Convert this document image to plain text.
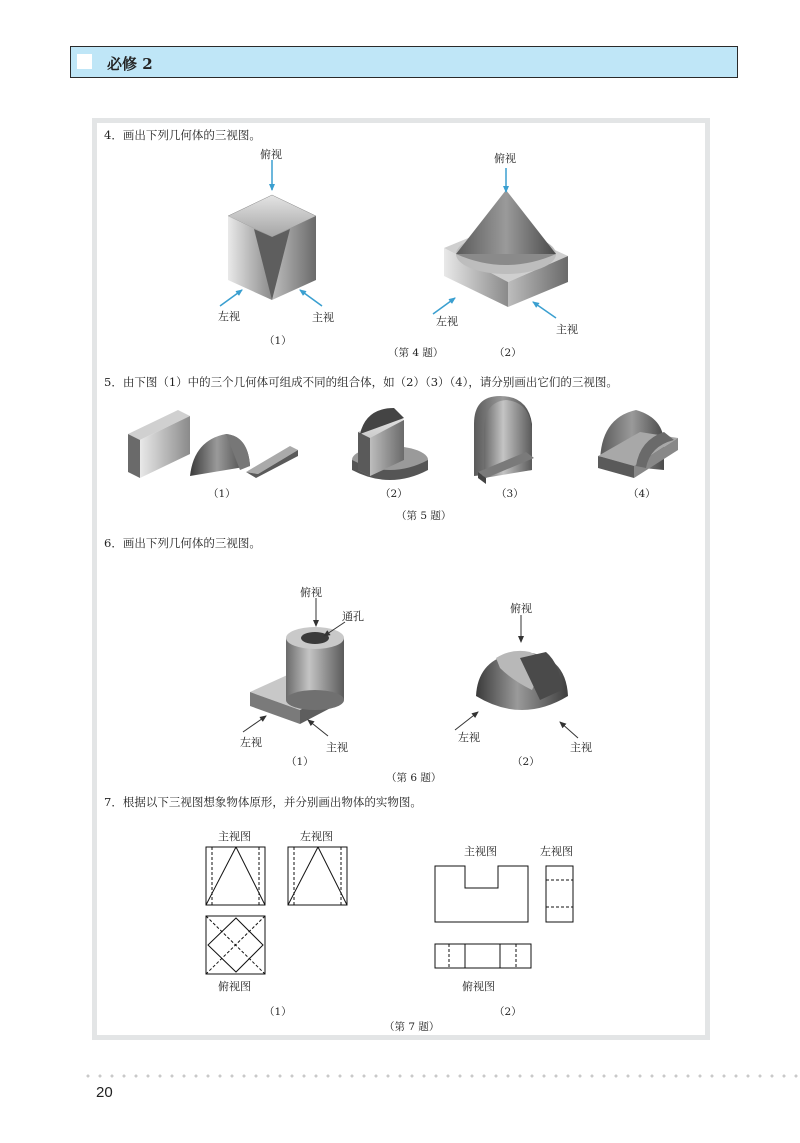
必修 2
4．画出下列几何体的三视图。
俯视
左视	主视
（1）
俯视
左视
主视
（2）
（第 4 题）
5．由下图（1）中的三个几何体可组成不同的组合体，如（2）（3）（4），请分别画出它们的三视图。
（1）	（2）	（3）	（4）
（第 5 题）
6．画出下列几何体的三视图。
俯视
通孔
左视	主视
（1）
俯视
左视
主视
（2）
（第 6 题）
7．根据以下三视图想象物体原形，并分别画出物体的实物图。
主视图	左视图
俯视图
（1）
主视图	左视图
俯视图
（2）
（第 7 题）
20
